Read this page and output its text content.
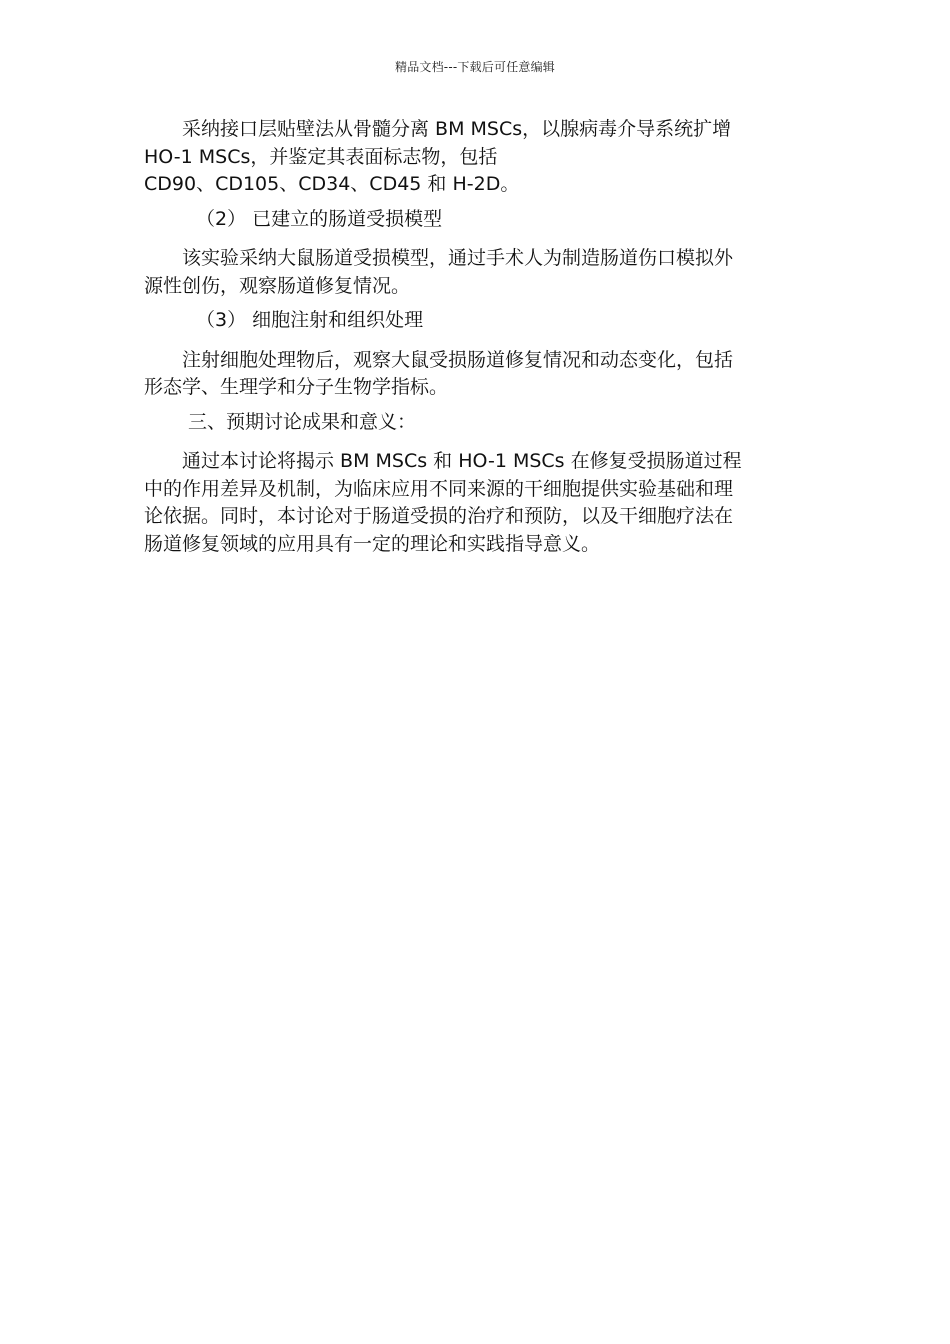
精品文档---下载后可任意编辑
采纳接口层贴壁法从骨髓分离 BM MSCs，以腺病毒介导系统扩增
HO-1 MSCs，并鉴定其表面标志物，包括
CD90、CD105、CD34、CD45 和 H-2D。
（2） 已建立的肠道受损模型
该实验采纳大鼠肠道受损模型，通过手术人为制造肠道伤口模拟外
源性创伤，观察肠道修复情况。
（3） 细胞注射和组织处理
注射细胞处理物后，观察大鼠受损肠道修复情况和动态变化，包括
形态学、生理学和分子生物学指标。
三、预期讨论成果和意义：
通过本讨论将揭示 BM MSCs 和 HO-1 MSCs 在修复受损肠道过程
中的作用差异及机制，为临床应用不同来源的干细胞提供实验基础和理
论依据。同时，本讨论对于肠道受损的治疗和预防，以及干细胞疗法在
肠道修复领域的应用具有一定的理论和实践指导意义。
